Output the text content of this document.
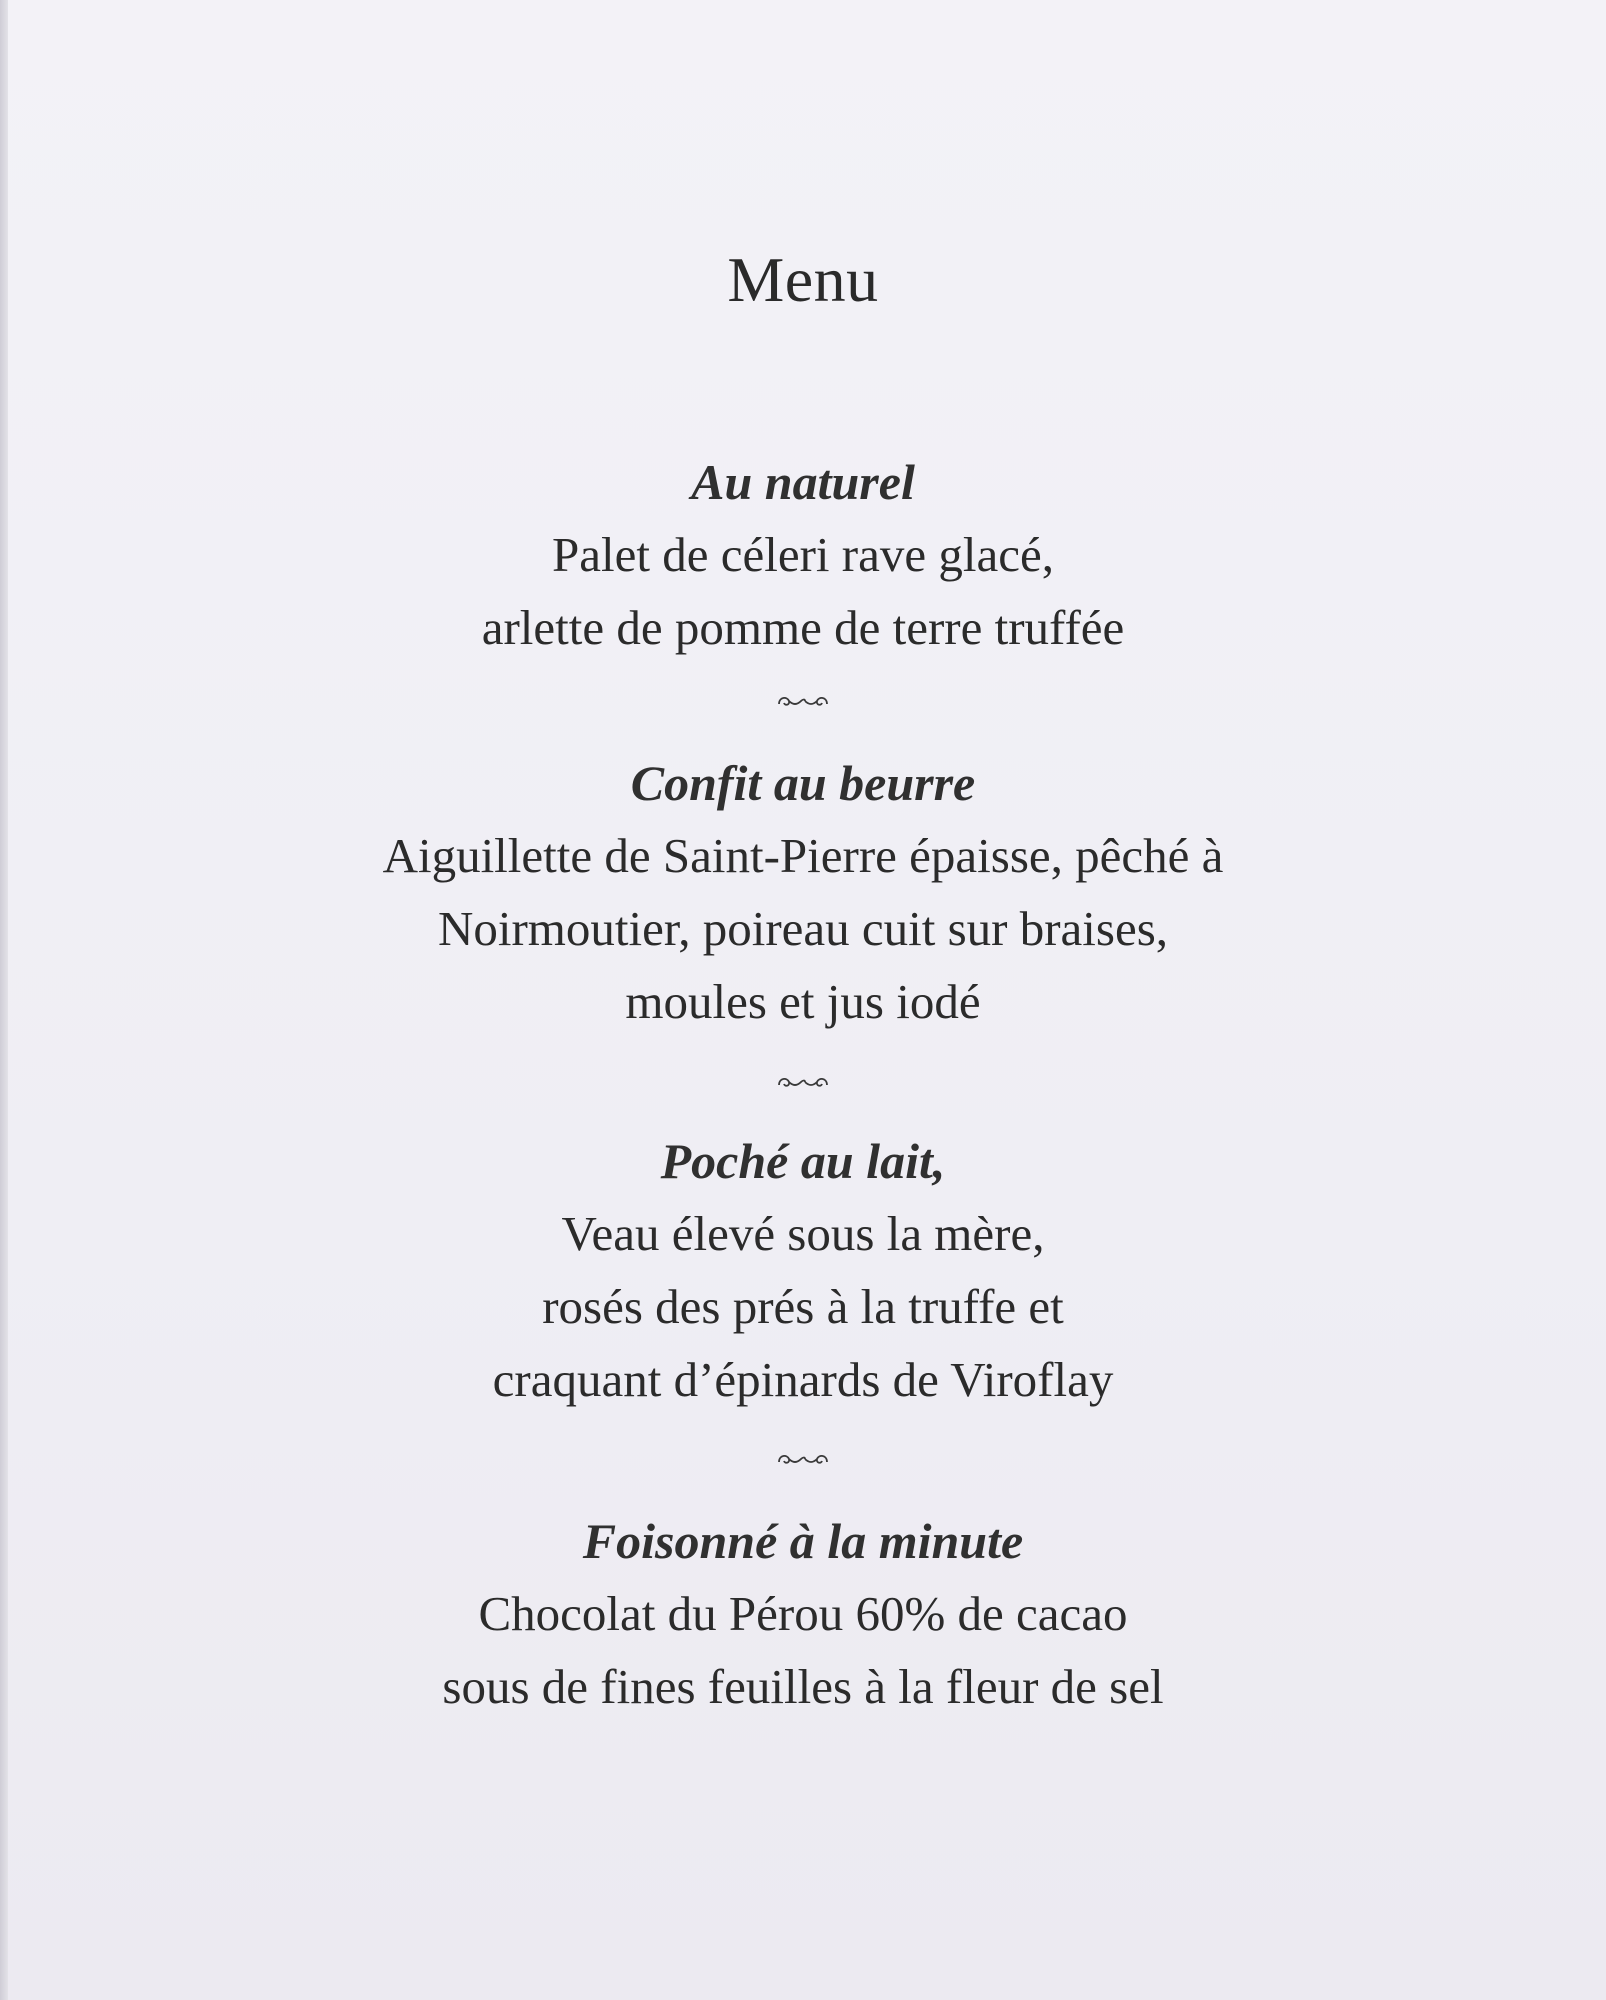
Menu

Au naturel

Palet de céleri rave glacé,

arlette de pomme de terre truffée

Confit au beurre

Aiguillette de Saint-Pierre épaisse, pêché à

Noirmoutier, poireau cuit sur braises,

moules et jus iodé

Poché au lait,

Veau élevé sous la mère,

rosés des prés à la truffe et

craquant d’épinards de Viroflay

Foisonné à la minute

Chocolat du Pérou 60% de cacao

sous de fines feuilles à la fleur de sel
